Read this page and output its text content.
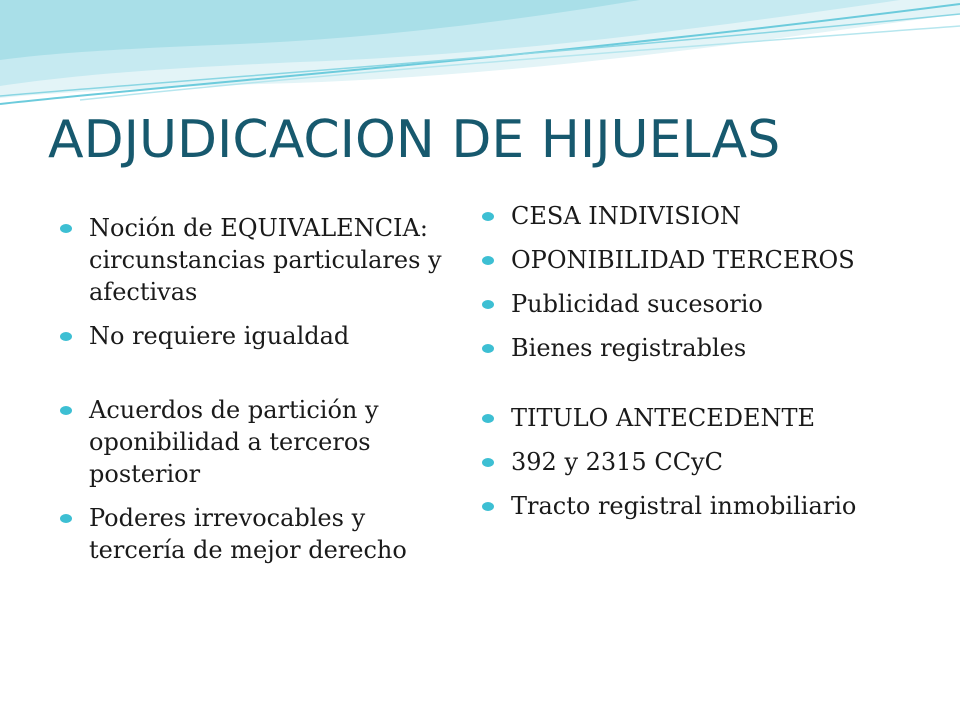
ADJUDICACION DE HIJUELAS
Noción de EQUIVALENCIA: circunstancias particulares y afectivas
No requiere igualdad
Acuerdos de partición y oponibilidad a terceros posterior
Poderes irrevocables y tercería de mejor derecho
CESA INDIVISION
OPONIBILIDAD TERCEROS
Publicidad sucesorio
Bienes registrables
TITULO ANTECEDENTE
392 y 2315 CCyC
Tracto registral inmobiliario
